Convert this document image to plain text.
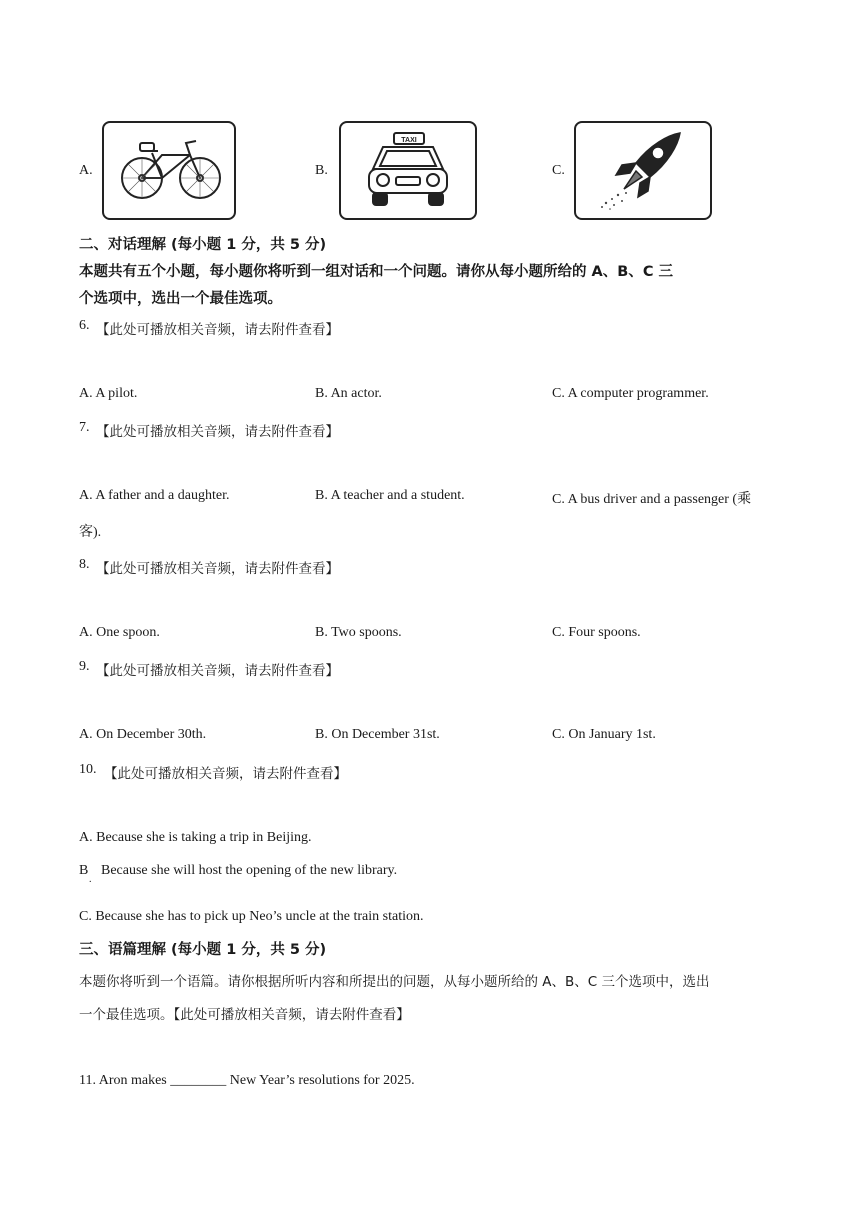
A.	B.
TAXI
C.
二、对话理解 (每小题 1 分，共 5 分)
本题共有五个小题，每小题你将听到一组对话和一个问题。请你从每小题所给的 A、B、C 三
个选项中，选出一个最佳选项。
6. 【此处可播放相关音频，请去附件查看】
A. A pilot.	B. An actor.	C. A computer programmer.
7. 【此处可播放相关音频，请去附件查看】
A. A father and a daughter.	B. A teacher and a student.	C. A bus driver and a passenger (乘
客).
8. 【此处可播放相关音频，请去附件查看】
A. One spoon.	B. Two spoons.	C. Four spoons.
9. 【此处可播放相关音频，请去附件查看】
A. On December 30th.	B. On December 31st.	C. On January 1st.
10. 【此处可播放相关音频，请去附件查看】
A. Because she is taking a trip in Beijing.
B Because she will host the opening of the new library.
.
C. Because she has to pick up Neo’s uncle at the train station.
三、语篇理解 (每小题 1 分，共 5 分)
本题你将听到一个语篇。请你根据所听内容和所提出的问题，从每小题所给的 A、B、C 三个选项中，选出
一个最佳选项。【此处可播放相关音频，请去附件查看】
11. Aron makes ________ New Year’s resolutions for 2025.
